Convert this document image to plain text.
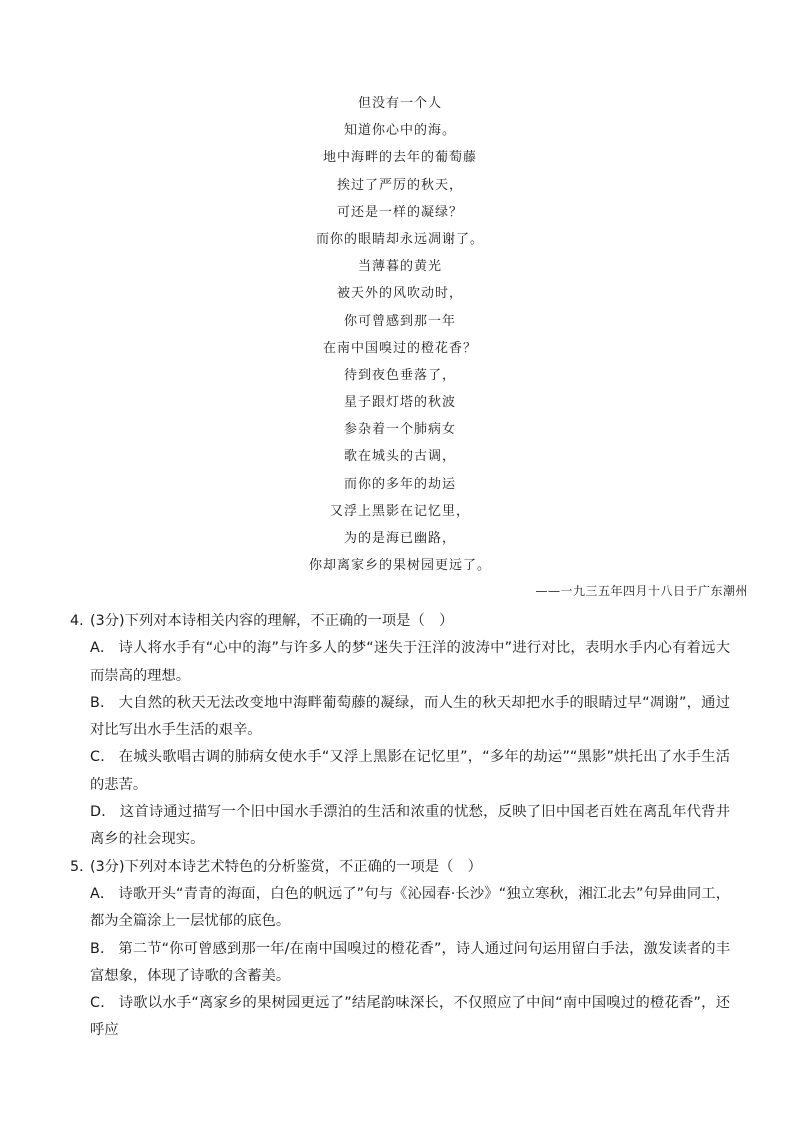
但没有一个人
知道你心中的海。
地中海畔的去年的葡萄藤
挨过了严厉的秋天，
可还是一样的凝绿？
而你的眼睛却永远凋谢了。
当薄暮的黄光
被天外的风吹动时，
你可曾感到那一年
在南中国嗅过的橙花香？
待到夜色垂落了，
星子跟灯塔的秋波
参杂着一个肺病女
歌在城头的古调，
而你的多年的劫运
又浮上黑影在记忆里，
为的是海已幽路，
你却离家乡的果树园更远了。
——一九三五年四月十八日于广东潮州
4．
(3分)下列对本诗相关内容的理解，不正确的一项是（　）
A． 诗人将水手有“心中的海”与许多人的梦“迷失于汪洋的波涛中”进行对比，表明水手内心有着远大而崇高的理想。
B． 大自然的秋天无法改变地中海畔葡萄藤的凝绿，而人生的秋天却把水手的眼睛过早“凋谢”，通过对比写出水手生活的艰辛。
C． 在城头歌唱古调的肺病女使水手“又浮上黑影在记忆里”，“多年的劫运”“黑影”烘托出了水手生活的悲苦。
D． 这首诗通过描写一个旧中国水手漂泊的生活和浓重的忧愁，反映了旧中国老百姓在离乱年代背井离乡的社会现实。
5．
(3分)下列对本诗艺术特色的分析鉴赏，不正确的一项是（　）
A． 诗歌开头“青青的海面，白色的帆远了”句与《沁园春·长沙》“独立寒秋，湘江北去”句异曲同工，都为全篇涂上一层忧郁的底色。
B． 第二节“你可曾感到那一年/在南中国嗅过的橙花香”，诗人通过问句运用留白手法，激发读者的丰富想象，体现了诗歌的含蓄美。
C． 诗歌以水手“离家乡的果树园更远了”结尾韵味深长，不仅照应了中间“南中国嗅过的橙花香”，还呼应
